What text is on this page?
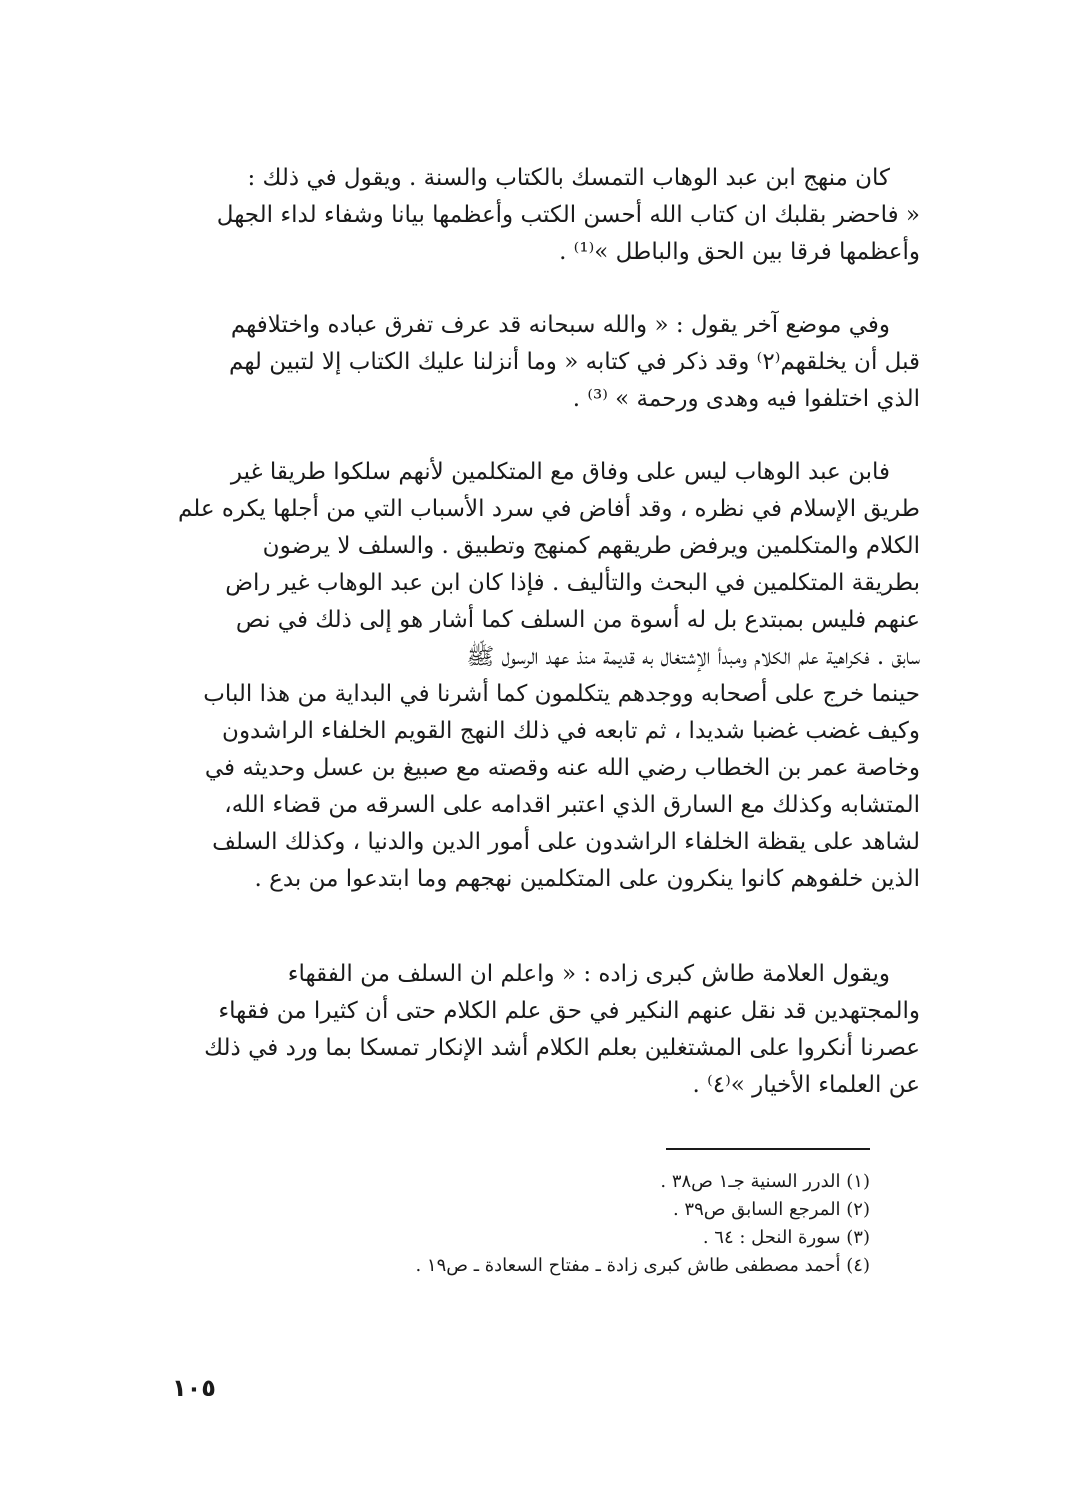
كان منهج ابن عبد الوهاب التمسك بالكتاب والسنة . ويقول في ذلك :

« فاحضر بقلبك ان كتاب الله أحسن الكتب وأعظمها بيانا وشفاء لداء الجهل

وأعظمها فرقا بين الحق والباطل »⁽¹⁾ .

وفي موضع آخر يقول : « والله سبحانه قد عرف تفرق عباده واختلافهم

قبل أن يخلقهم⁽٢⁾ وقد ذكر في كتابه « وما أنزلنا عليك الكتاب إلا لتبين لهم

الذي اختلفوا فيه وهدى ورحمة » ⁽³⁾ .

فابن عبد الوهاب ليس على وفاق مع المتكلمين لأنهم سلكوا طريقا غير

طريق الإسلام في نظره ، وقد أفاض في سرد الأسباب التي من أجلها يكره علم

الكلام والمتكلمين ويرفض طريقهم كمنهج وتطبيق . والسلف لا يرضون

بطريقة المتكلمين في البحث والتأليف . فإذا كان ابن عبد الوهاب غير راض

عنهم فليس بمبتدع بل له أسوة من السلف كما أشار هو إلى ذلك في نص

سابق . فكراهية علم الكلام ومبدأ الإشتغال به قديمة منذ عهد الرسول ﷺ

حينما خرج على أصحابه ووجدهم يتكلمون كما أشرنا في البداية من هذا الباب

وكيف غضب غضبا شديدا ، ثم تابعه في ذلك النهج القويم الخلفاء الراشدون

وخاصة عمر بن الخطاب رضي الله عنه وقصته مع صبيغ بن عسل وحديثه في

المتشابه وكذلك مع السارق الذي اعتبر اقدامه على السرقه من قضاء الله،

لشاهد على يقظة الخلفاء الراشدون على أمور الدين والدنيا ، وكذلك السلف

الذين خلفوهم كانوا ينكرون على المتكلمين نهجهم وما ابتدعوا من بدع .

ويقول العلامة طاش كبرى زاده : « واعلم ان السلف من الفقهاء

والمجتهدين قد نقل عنهم النكير في حق علم الكلام حتى أن كثيرا من فقهاء

عصرنا أنكروا على المشتغلين بعلم الكلام أشد الإنكار تمسكا بما ورد في ذلك

عن العلماء الأخيار »⁽٤⁾ .

(١) الدرر السنية جـ١ ص٣٨ .
(٢) المرجع السابق ص٣٩ .
(٣) سورة النحل : ٦٤ .
(٤) أحمد مصطفى طاش كبرى زادة ـ مفتاح السعادة ـ ص١٩ .
١٠٥
